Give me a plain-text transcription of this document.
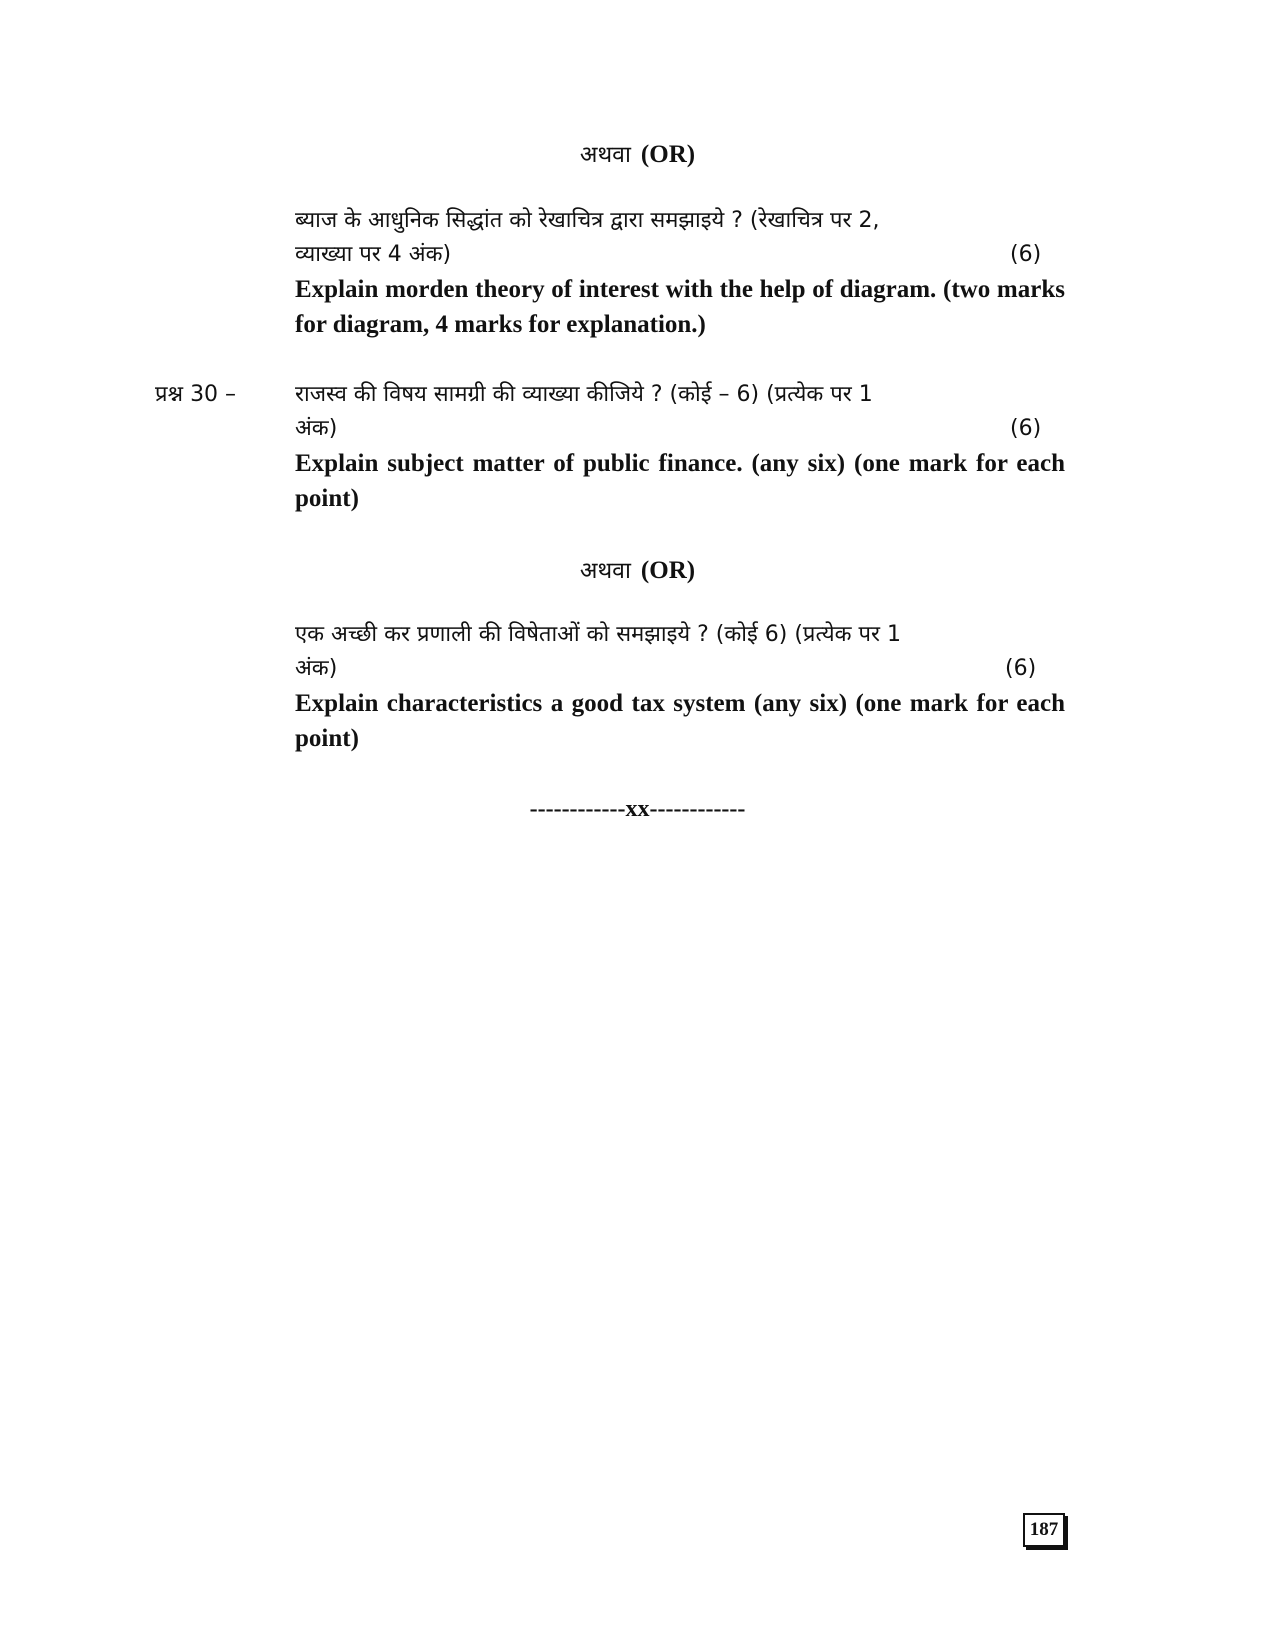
अथवा (OR)
ब्याज के आधुनिक सिद्धांत को रेखाचित्र द्वारा समझाइये ? (रेखाचित्र पर 2,
व्याख्या पर 4 अंक)	(6)
Explain morden theory of interest with the help of diagram. (two marks for diagram, 4 marks for explanation.)
प्रश्न 30 –	राजस्व की विषय सामग्री की व्याख्या कीजिये ? (कोई – 6) (प्रत्येक पर 1
अंक)	(6)
Explain subject matter of public finance. (any six) (one mark for each point)
अथवा (OR)
एक अच्छी कर प्रणाली की विषेताओं को समझाइये ? (कोई 6) (प्रत्येक पर 1
अंक)	(6)
Explain characteristics a good tax system (any six) (one mark for each point)
------------xx------------
187
